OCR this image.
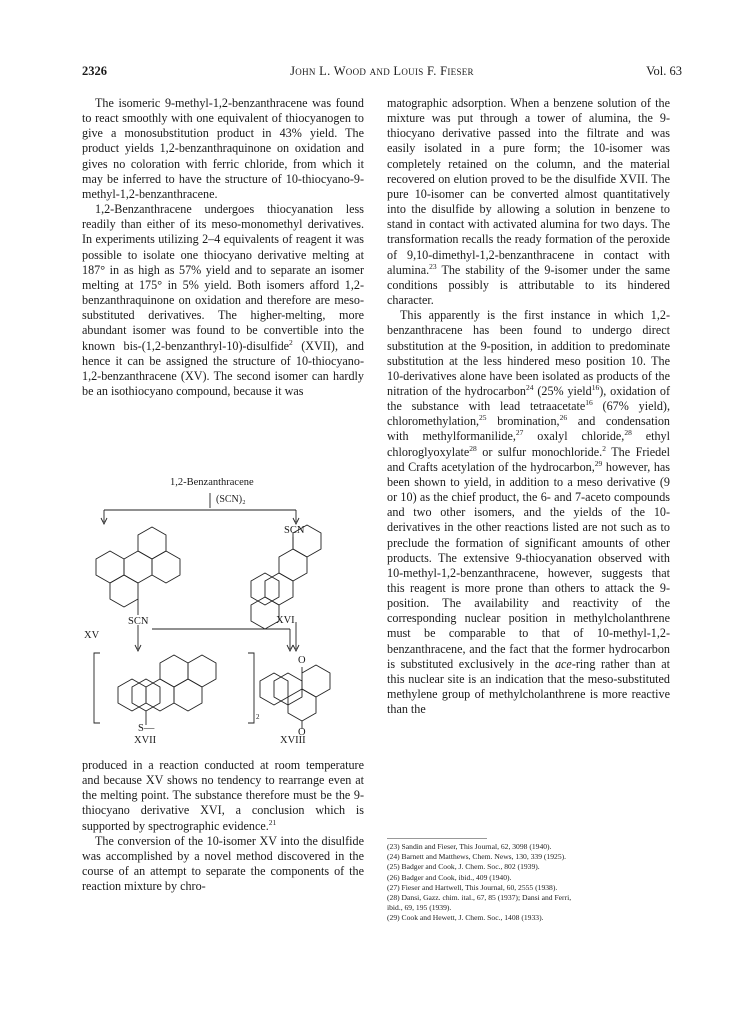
2326	John L. Wood and Louis F. Fieser	Vol. 63

The isomeric 9-methyl-1,2-benzanthracene was found to react smoothly with one equivalent of thiocyanogen to give a monosubstitution product in 43% yield. The product yields 1,2-benzanthraquinone on oxidation and gives no coloration with ferric chloride, from which it may be inferred to have the structure of 10-thiocyano-9-methyl-1,2-benzanthracene.

1,2-Benzanthracene undergoes thiocyanation less readily than either of its meso-monomethyl derivatives. In experiments utilizing 2–4 equivalents of reagent it was possible to isolate one thiocyano derivative melting at 187° in as high as 57% yield and to separate an isomer melting at 175° in 5% yield. Both isomers afford 1,2-benzanthraquinone on oxidation and therefore are meso-substituted derivatives. The higher-melting, more abundant isomer was found to be convertible into the known bis-(1,2-benzanthryl-10)-disulfide$^2$ (XVII), and hence it can be assigned the structure of 10-thiocyano-1,2-benzanthracene (XV). The second isomer can hardly be an isothiocyano compound, because it was

1,2-Benzanthracene
(SCN)₂
SCN
SCN
XV
XVI
S—
2
XVII
O
O
XVIII

produced in a reaction conducted at room temperature and because XV shows no tendency to rearrange even at the melting point. The substance therefore must be the 9-thiocyano derivative XVI, a conclusion which is supported by spectrographic evidence.$^{21}$

The conversion of the 10-isomer XV into the disulfide was accomplished by a novel method discovered in the course of an attempt to separate the components of the reaction mixture by chro-

matographic adsorption. When a benzene solution of the mixture was put through a tower of alumina, the 9-thiocyano derivative passed into the filtrate and was easily isolated in a pure form; the 10-isomer was completely retained on the column, and the material recovered on elution proved to be the disulfide XVII. The pure 10-isomer can be converted almost quantitatively into the disulfide by allowing a solution in benzene to stand in contact with activated alumina for two days. The transformation recalls the ready formation of the peroxide of 9,10-dimethyl-1,2-benzanthracene in contact with alumina.$^{23}$ The stability of the 9-isomer under the same conditions possibly is attributable to its hindered character.

This apparently is the first instance in which 1,2-benzanthracene has been found to undergo direct substitution at the 9-position, in addition to predominate substitution at the less hindered meso position 10. The 10-derivatives alone have been isolated as products of the nitration of the hydrocarbon$^{24}$ (25% yield$^{16}$), oxidation of the substance with lead tetraacetate$^{16}$ (67% yield), chloromethylation,$^{25}$ bromination,$^{26}$ and condensation with methylformanilide,$^{27}$ oxalyl chloride,$^{28}$ ethyl chloroglyoxylate$^{28}$ or sulfur monochloride.$^2$ The Friedel and Crafts acetylation of the hydrocarbon,$^{29}$ however, has been shown to yield, in addition to a meso derivative (9 or 10) as the chief product, the 6- and 7-aceto compounds and two other isomers, and the yields of the 10-derivatives in the other reactions listed are not such as to preclude the formation of significant amounts of other products. The extensive 9-thiocyanation observed with 10-methyl-1,2-benzanthracene, however, suggests that this reagent is more prone than others to attack the 9-position. The availability and reactivity of the corresponding nuclear position in methylcholanthrene must be comparable to that of 10-methyl-1,2-benzanthracene, and the fact that the former hydrocarbon is substituted exclusively in the ace-ring rather than at this nuclear site is an indication that the meso-substituted methylene group of methylcholanthrene is more reactive than the

(23) Sandin and Fieser, This Journal, 62, 3098 (1940).
(24) Barnett and Matthews, Chem. News, 130, 339 (1925).
(25) Badger and Cook, J. Chem. Soc., 802 (1939).
(26) Badger and Cook, ibid., 409 (1940).
(27) Fieser and Hartwell, This Journal, 60, 2555 (1938).
(28) Dansi, Gazz. chim. ital., 67, 85 (1937); Dansi and Ferri,
ibid., 69, 195 (1939).
(29) Cook and Hewett, J. Chem. Soc., 1408 (1933).
